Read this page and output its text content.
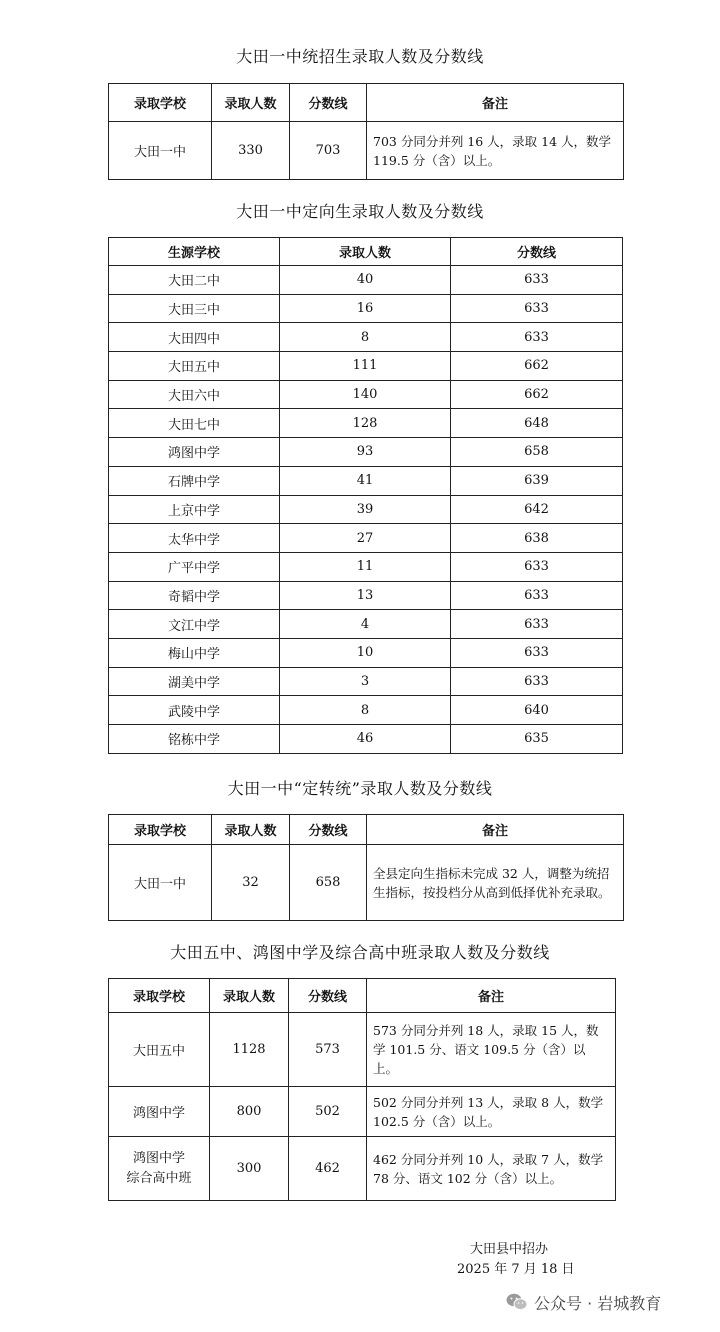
大田一中统招生录取人数及分数线
录取学校	录取人数	分数线	备注
大田一中	330	703	703 分同分并列 16 人，录取 14 人，数学 119.5 分（含）以上。
大田一中定向生录取人数及分数线
生源学校	录取人数	分数线
大田二中	40	633
大田三中	16	633
大田四中	8	633
大田五中	111	662
大田六中	140	662
大田七中	128	648
鸿图中学	93	658
石牌中学	41	639
上京中学	39	642
太华中学	27	638
广平中学	11	633
奇韬中学	13	633
文江中学	4	633
梅山中学	10	633
湖美中学	3	633
武陵中学	8	640
铭栋中学	46	635
大田一中“定转统”录取人数及分数线
录取学校	录取人数	分数线	备注
大田一中	32	658	全县定向生指标未完成 32 人，调整为统招生指标，按投档分从高到低择优补充录取。
大田五中、鸿图中学及综合高中班录取人数及分数线
录取学校	录取人数	分数线	备注
大田五中	1128	573	573 分同分并列 18 人，录取 15 人，数学 101.5 分、语文 109.5 分（含）以上。
鸿图中学	800	502	502 分同分并列 13 人，录取 8 人，数学 102.5 分（含）以上。

鸿图中学
综合高中班	300	462	462 分同分并列 10 人，录取 7 人，数学 78 分、语文 102 分（含）以上。
大田县中招办
2025 年 7 月 18 日
公众号 · 岩城教育
